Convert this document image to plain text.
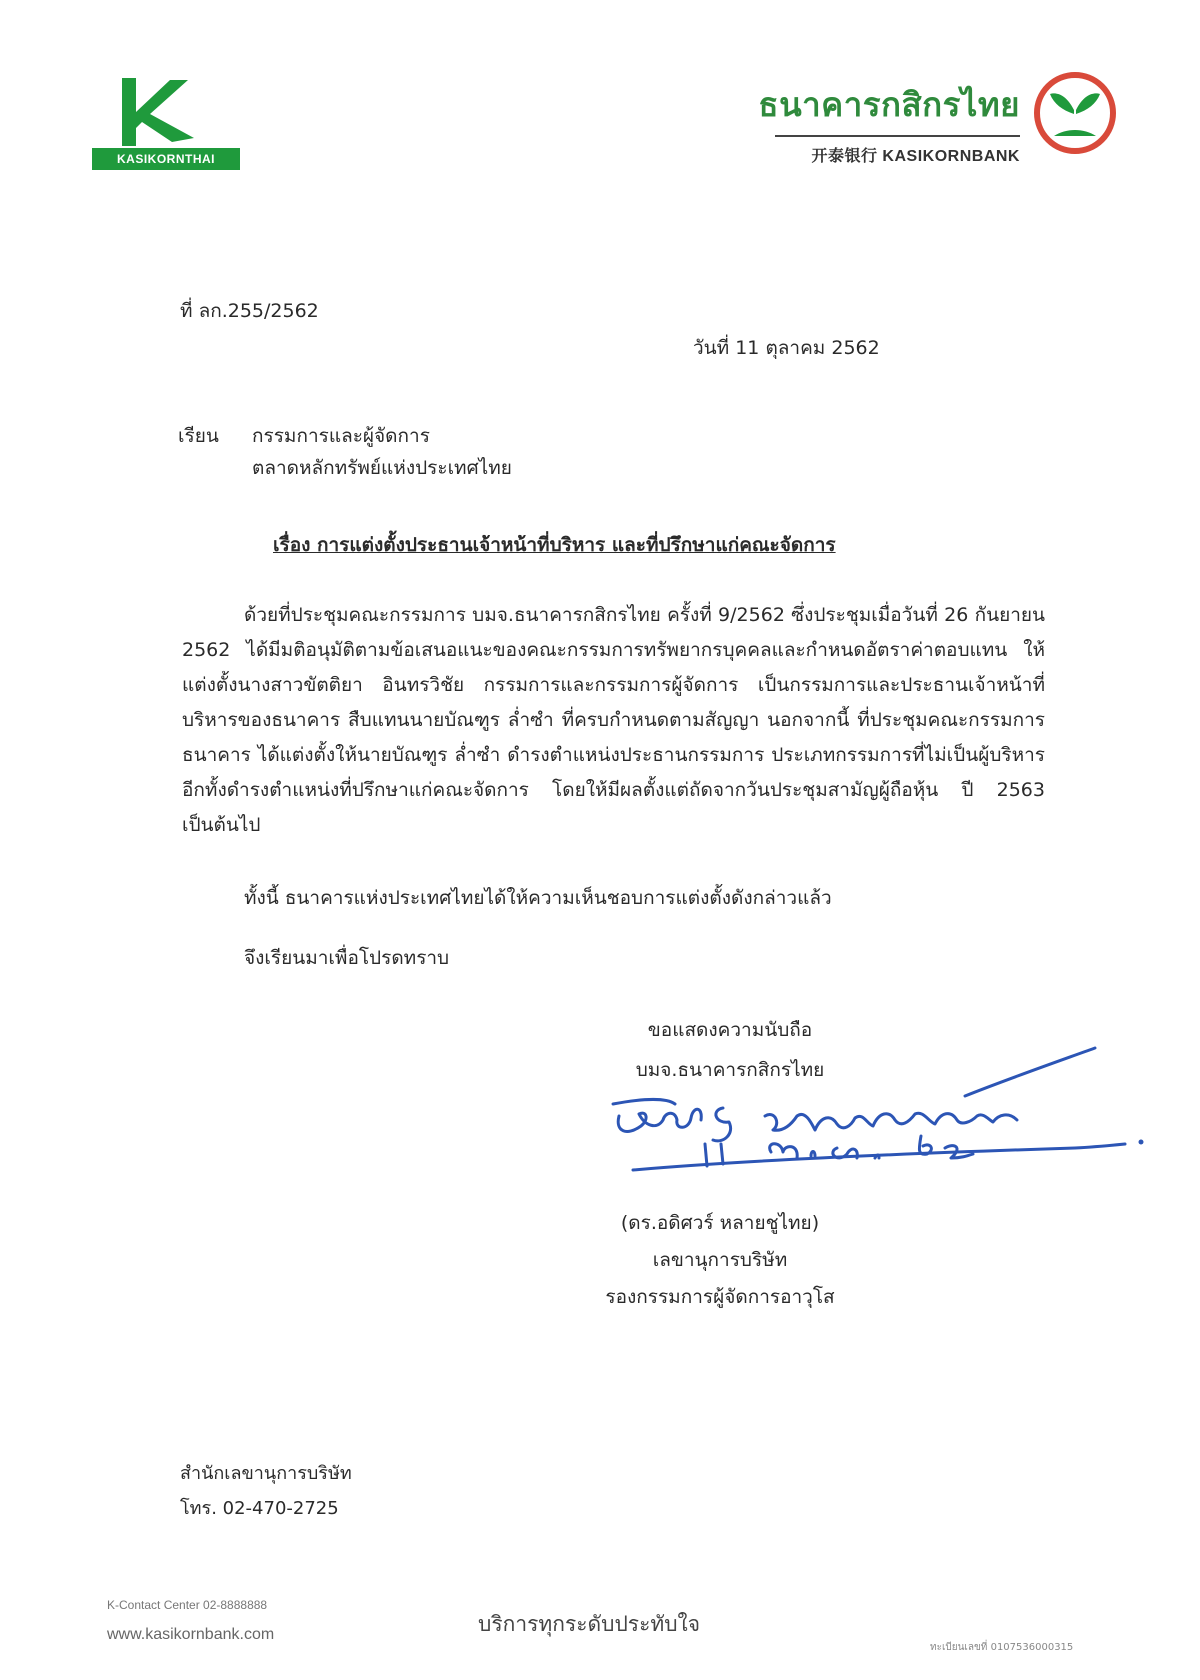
KASIKORNTHAI
ธนาคารกสิกรไทย
开泰银行 KASIKORNBANK
ที่ ลก.255/2562
วันที่ 11 ตุลาคม 2562
เรียน กรรมการและผู้จัดการ
ตลาดหลักทรัพย์แห่งประเทศไทย
เรื่อง การแต่งตั้งประธานเจ้าหน้าที่บริหาร และที่ปรึกษาแก่คณะจัดการ
ด้วยที่ประชุมคณะกรรมการ บมจ.ธนาคารกสิกรไทย ครั้งที่ 9/2562 ซึ่งประชุมเมื่อวันที่ 26 กันยายน 2562 ได้มีมติอนุมัติตามข้อเสนอแนะของคณะกรรมการทรัพยากรบุคคลและกำหนดอัตราค่าตอบแทน ให้แต่งตั้งนางสาวขัตติยา อินทรวิชัย กรรมการและกรรมการผู้จัดการ เป็นกรรมการและประธานเจ้าหน้าที่บริหารของธนาคาร สืบแทนนายบัณฑูร ล่ำซำ ที่ครบกำหนดตามสัญญา นอกจากนี้ ที่ประชุมคณะกรรมการธนาคาร ได้แต่งตั้งให้นายบัณฑูร ล่ำซำ ดำรงตำแหน่งประธานกรรมการ ประเภทกรรมการที่ไม่เป็นผู้บริหาร อีกทั้งดำรงตำแหน่งที่ปรึกษาแก่คณะจัดการ โดยให้มีผลตั้งแต่ถัดจากวันประชุมสามัญผู้ถือหุ้น ปี 2563 เป็นต้นไป
ทั้งนี้ ธนาคารแห่งประเทศไทยได้ให้ความเห็นชอบการแต่งตั้งดังกล่าวแล้ว
จึงเรียนมาเพื่อโปรดทราบ
ขอแสดงความนับถือ
บมจ.ธนาคารกสิกรไทย
(ดร.อดิศวร์ หลายชูไทย)
เลขานุการบริษัท
รองกรรมการผู้จัดการอาวุโส
สำนักเลขานุการบริษัท
โทร. 02-470-2725
K-Contact Center 02-8888888
www.kasikornbank.com	บริการทุกระดับประทับใจ
ทะเบียนเลขที่ 0107536000315
